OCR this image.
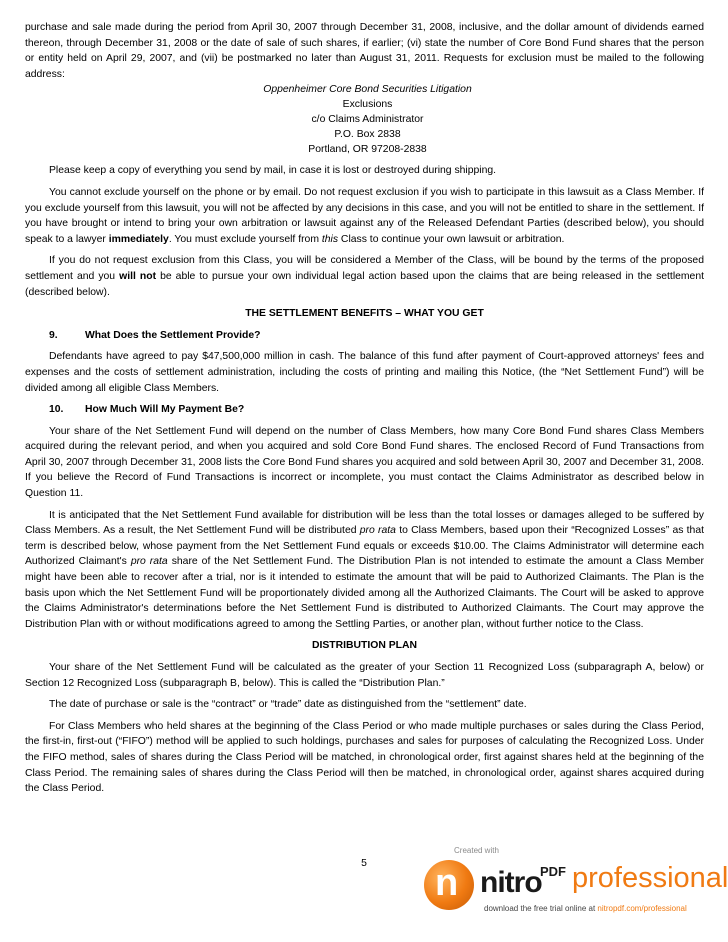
purchase and sale made during the period from April 30, 2007 through December 31, 2008, inclusive, and the dollar amount of dividends earned thereon, through December 31, 2008 or the date of sale of such shares, if earlier; (vi) state the number of Core Bond Fund shares that the person or entity held on April 29, 2007, and (vii) be postmarked no later than August 31, 2011. Requests for exclusion must be mailed to the following address:

Oppenheimer Core Bond Securities Litigation
Exclusions
c/o Claims Administrator
P.O. Box 2838
Portland, OR 97208-2838

Please keep a copy of everything you send by mail, in case it is lost or destroyed during shipping.

You cannot exclude yourself on the phone or by email. Do not request exclusion if you wish to participate in this lawsuit as a Class Member. If you exclude yourself from this lawsuit, you will not be affected by any decisions in this case, and you will not be entitled to share in the settlement. If you have brought or intend to bring your own arbitration or lawsuit against any of the Released Defendant Parties (described below), you should speak to a lawyer immediately. You must exclude yourself from this Class to continue your own lawsuit or arbitration.

If you do not request exclusion from this Class, you will be considered a Member of the Class, will be bound by the terms of the proposed settlement and you will not be able to pursue your own individual legal action based upon the claims that are being released in the settlement (described below).

THE SETTLEMENT BENEFITS – WHAT YOU GET

9.	What Does the Settlement Provide?

Defendants have agreed to pay $47,500,000 million in cash. The balance of this fund after payment of Court-approved attorneys' fees and expenses and the costs of settlement administration, including the costs of printing and mailing this Notice, (the “Net Settlement Fund”) will be divided among all eligible Class Members.

10.	How Much Will My Payment Be?

Your share of the Net Settlement Fund will depend on the number of Class Members, how many Core Bond Fund shares Class Members acquired during the relevant period, and when you acquired and sold Core Bond Fund shares. The enclosed Record of Fund Transactions from April 30, 2007 through December 31, 2008 lists the Core Bond Fund shares you acquired and sold between April 30, 2007 and December 31, 2008. If you believe the Record of Fund Transactions is incorrect or incomplete, you must contact the Claims Administrator as described below in Question 11.

It is anticipated that the Net Settlement Fund available for distribution will be less than the total losses or damages alleged to be suffered by Class Members. As a result, the Net Settlement Fund will be distributed pro rata to Class Members, based upon their “Recognized Losses” as that term is described below, whose payment from the Net Settlement Fund equals or exceeds $10.00. The Claims Administrator will determine each Authorized Claimant's pro rata share of the Net Settlement Fund. The Distribution Plan is not intended to estimate the amount a Class Member might have been able to recover after a trial, nor is it intended to estimate the amount that will be paid to Authorized Claimants. The Plan is the basis upon which the Net Settlement Fund will be proportionately divided among all the Authorized Claimants. The Court will be asked to approve the Claims Administrator's determinations before the Net Settlement Fund is distributed to Authorized Claimants. The Court may approve the Distribution Plan with or without modifications agreed to among the Settling Parties, or another plan, without further notice to the Class.

DISTRIBUTION PLAN

Your share of the Net Settlement Fund will be calculated as the greater of your Section 11 Recognized Loss (subparagraph A, below) or Section 12 Recognized Loss (subparagraph B, below). This is called the “Distribution Plan.”

The date of purchase or sale is the “contract” or “trade” date as distinguished from the “settlement” date.

For Class Members who held shares at the beginning of the Class Period or who made multiple purchases or sales during the Class Period, the first-in, first-out (“FIFO”) method will be applied to such holdings, purchases and sales for purposes of calculating the Recognized Loss. Under the FIFO method, sales of shares during the Class Period will be matched, in chronological order, first against shares held at the beginning of the Class Period. The remaining sales of shares during the Class Period will then be matched, in chronological order, against shares acquired during the Class Period.

5
Created with
n nitro
PDF professional
download the free trial online at nitropdf.com/professional
